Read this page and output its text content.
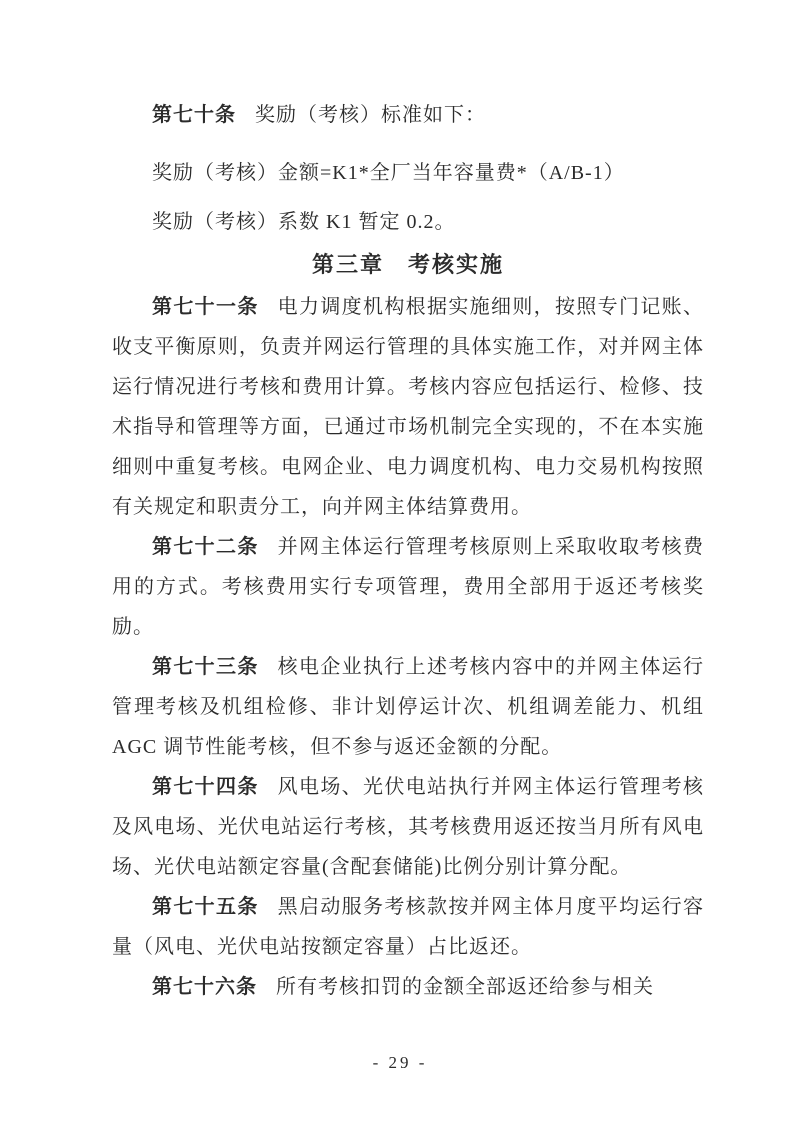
第七十条 奖励（考核）标准如下：

奖励（考核）金额=K1*全厂当年容量费*（A/B-1）

奖励（考核）系数 K1 暂定 0.2。

第三章　考核实施

第七十一条 电力调度机构根据实施细则，按照专门记账、收支平衡原则，负责并网运行管理的具体实施工作，对并网主体运行情况进行考核和费用计算。考核内容应包括运行、检修、技术指导和管理等方面，已通过市场机制完全实现的，不在本实施细则中重复考核。电网企业、电力调度机构、电力交易机构按照有关规定和职责分工，向并网主体结算费用。

第七十二条 并网主体运行管理考核原则上采取收取考核费用的方式。考核费用实行专项管理，费用全部用于返还考核奖励。

第七十三条 核电企业执行上述考核内容中的并网主体运行管理考核及机组检修、非计划停运计次、机组调差能力、机组 AGC 调节性能考核，但不参与返还金额的分配。

第七十四条 风电场、光伏电站执行并网主体运行管理考核及风电场、光伏电站运行考核，其考核费用返还按当月所有风电场、光伏电站额定容量(含配套储能)比例分别计算分配。

第七十五条 黑启动服务考核款按并网主体月度平均运行容量（风电、光伏电站按额定容量）占比返还。

第七十六条 所有考核扣罚的金额全部返还给参与相关

- 29 -
